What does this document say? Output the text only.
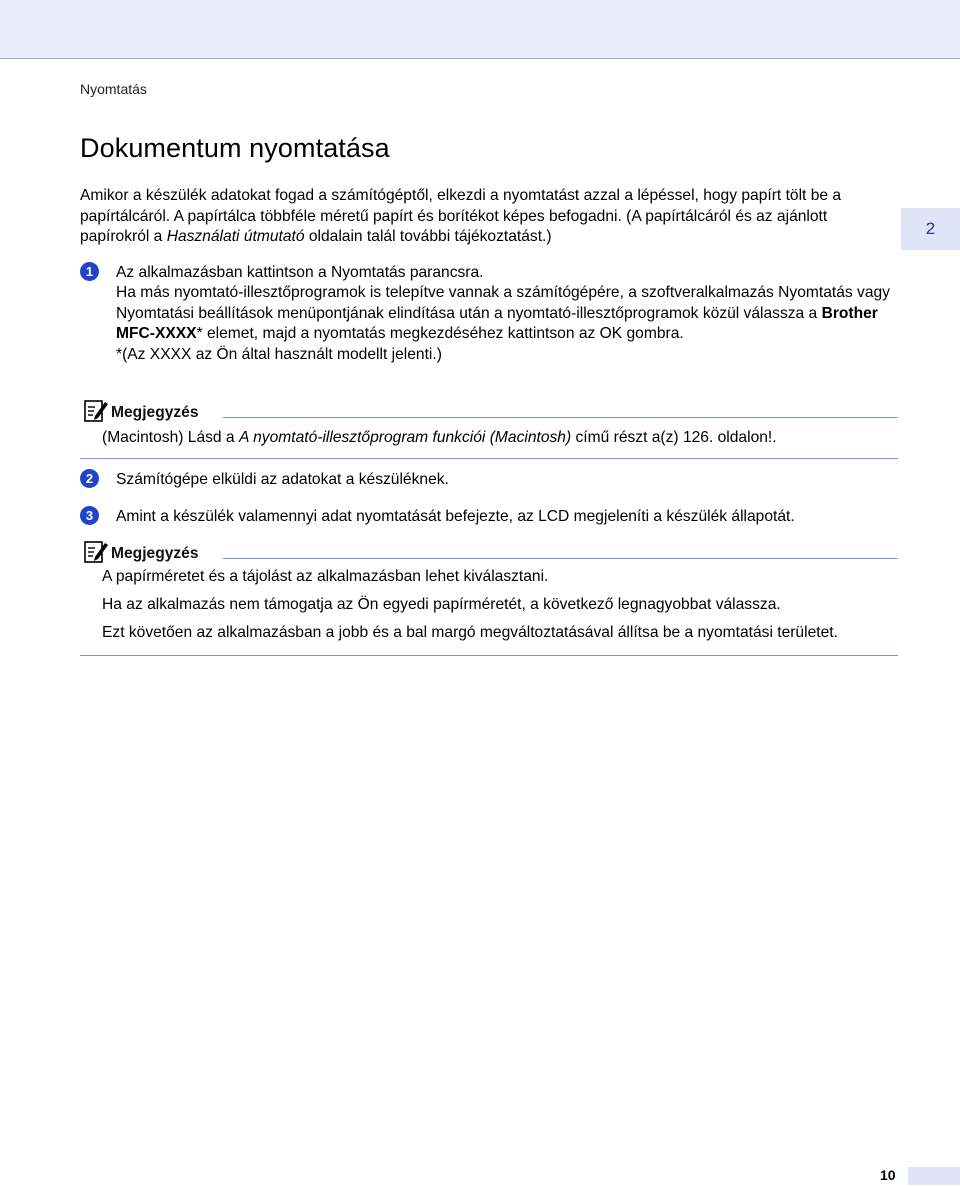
Nyomtatás
Dokumentum nyomtatása

Amikor a készülék adatokat fogad a számítógéptől, elkezdi a nyomtatást azzal a lépéssel, hogy papírt tölt be a papírtálcáról. A papírtálca többféle méretű papírt és borítékot képes befogadni. (A papírtálcáról és az ajánlott papírokról a Használati útmutató oldalain talál további tájékoztatást.)	2
1	Az alkalmazásban kattintson a Nyomtatás parancsra.

Ha más nyomtató-illesztőprogramok is telepítve vannak a számítógépére, a szoftveralkalmazás Nyomtatás vagy Nyomtatási beállítások menüpontjának elindítása után a nyomtató-illesztőprogramok közül válassza a Brother MFC-XXXX* elemet, majd a nyomtatás megkezdéséhez kattintson az OK gombra.

*(Az XXXX az Ön által használt modellt jelenti.)

Megjegyzés

(Macintosh) Lásd a A nyomtató-illesztőprogram funkciói (Macintosh) című részt a(z) 126. oldalon!.

2	Számítógépe elküldi az adatokat a készüléknek.

3	Amint a készülék valamennyi adat nyomtatását befejezte, az LCD megjeleníti a készülék állapotát.

Megjegyzés

A papírméretet és a tájolást az alkalmazásban lehet kiválasztani.

Ha az alkalmazás nem támogatja az Ön egyedi papírméretét, a következő legnagyobbat válassza.

Ezt követően az alkalmazásban a jobb és a bal margó megváltoztatásával állítsa be a nyomtatási területet.

10
